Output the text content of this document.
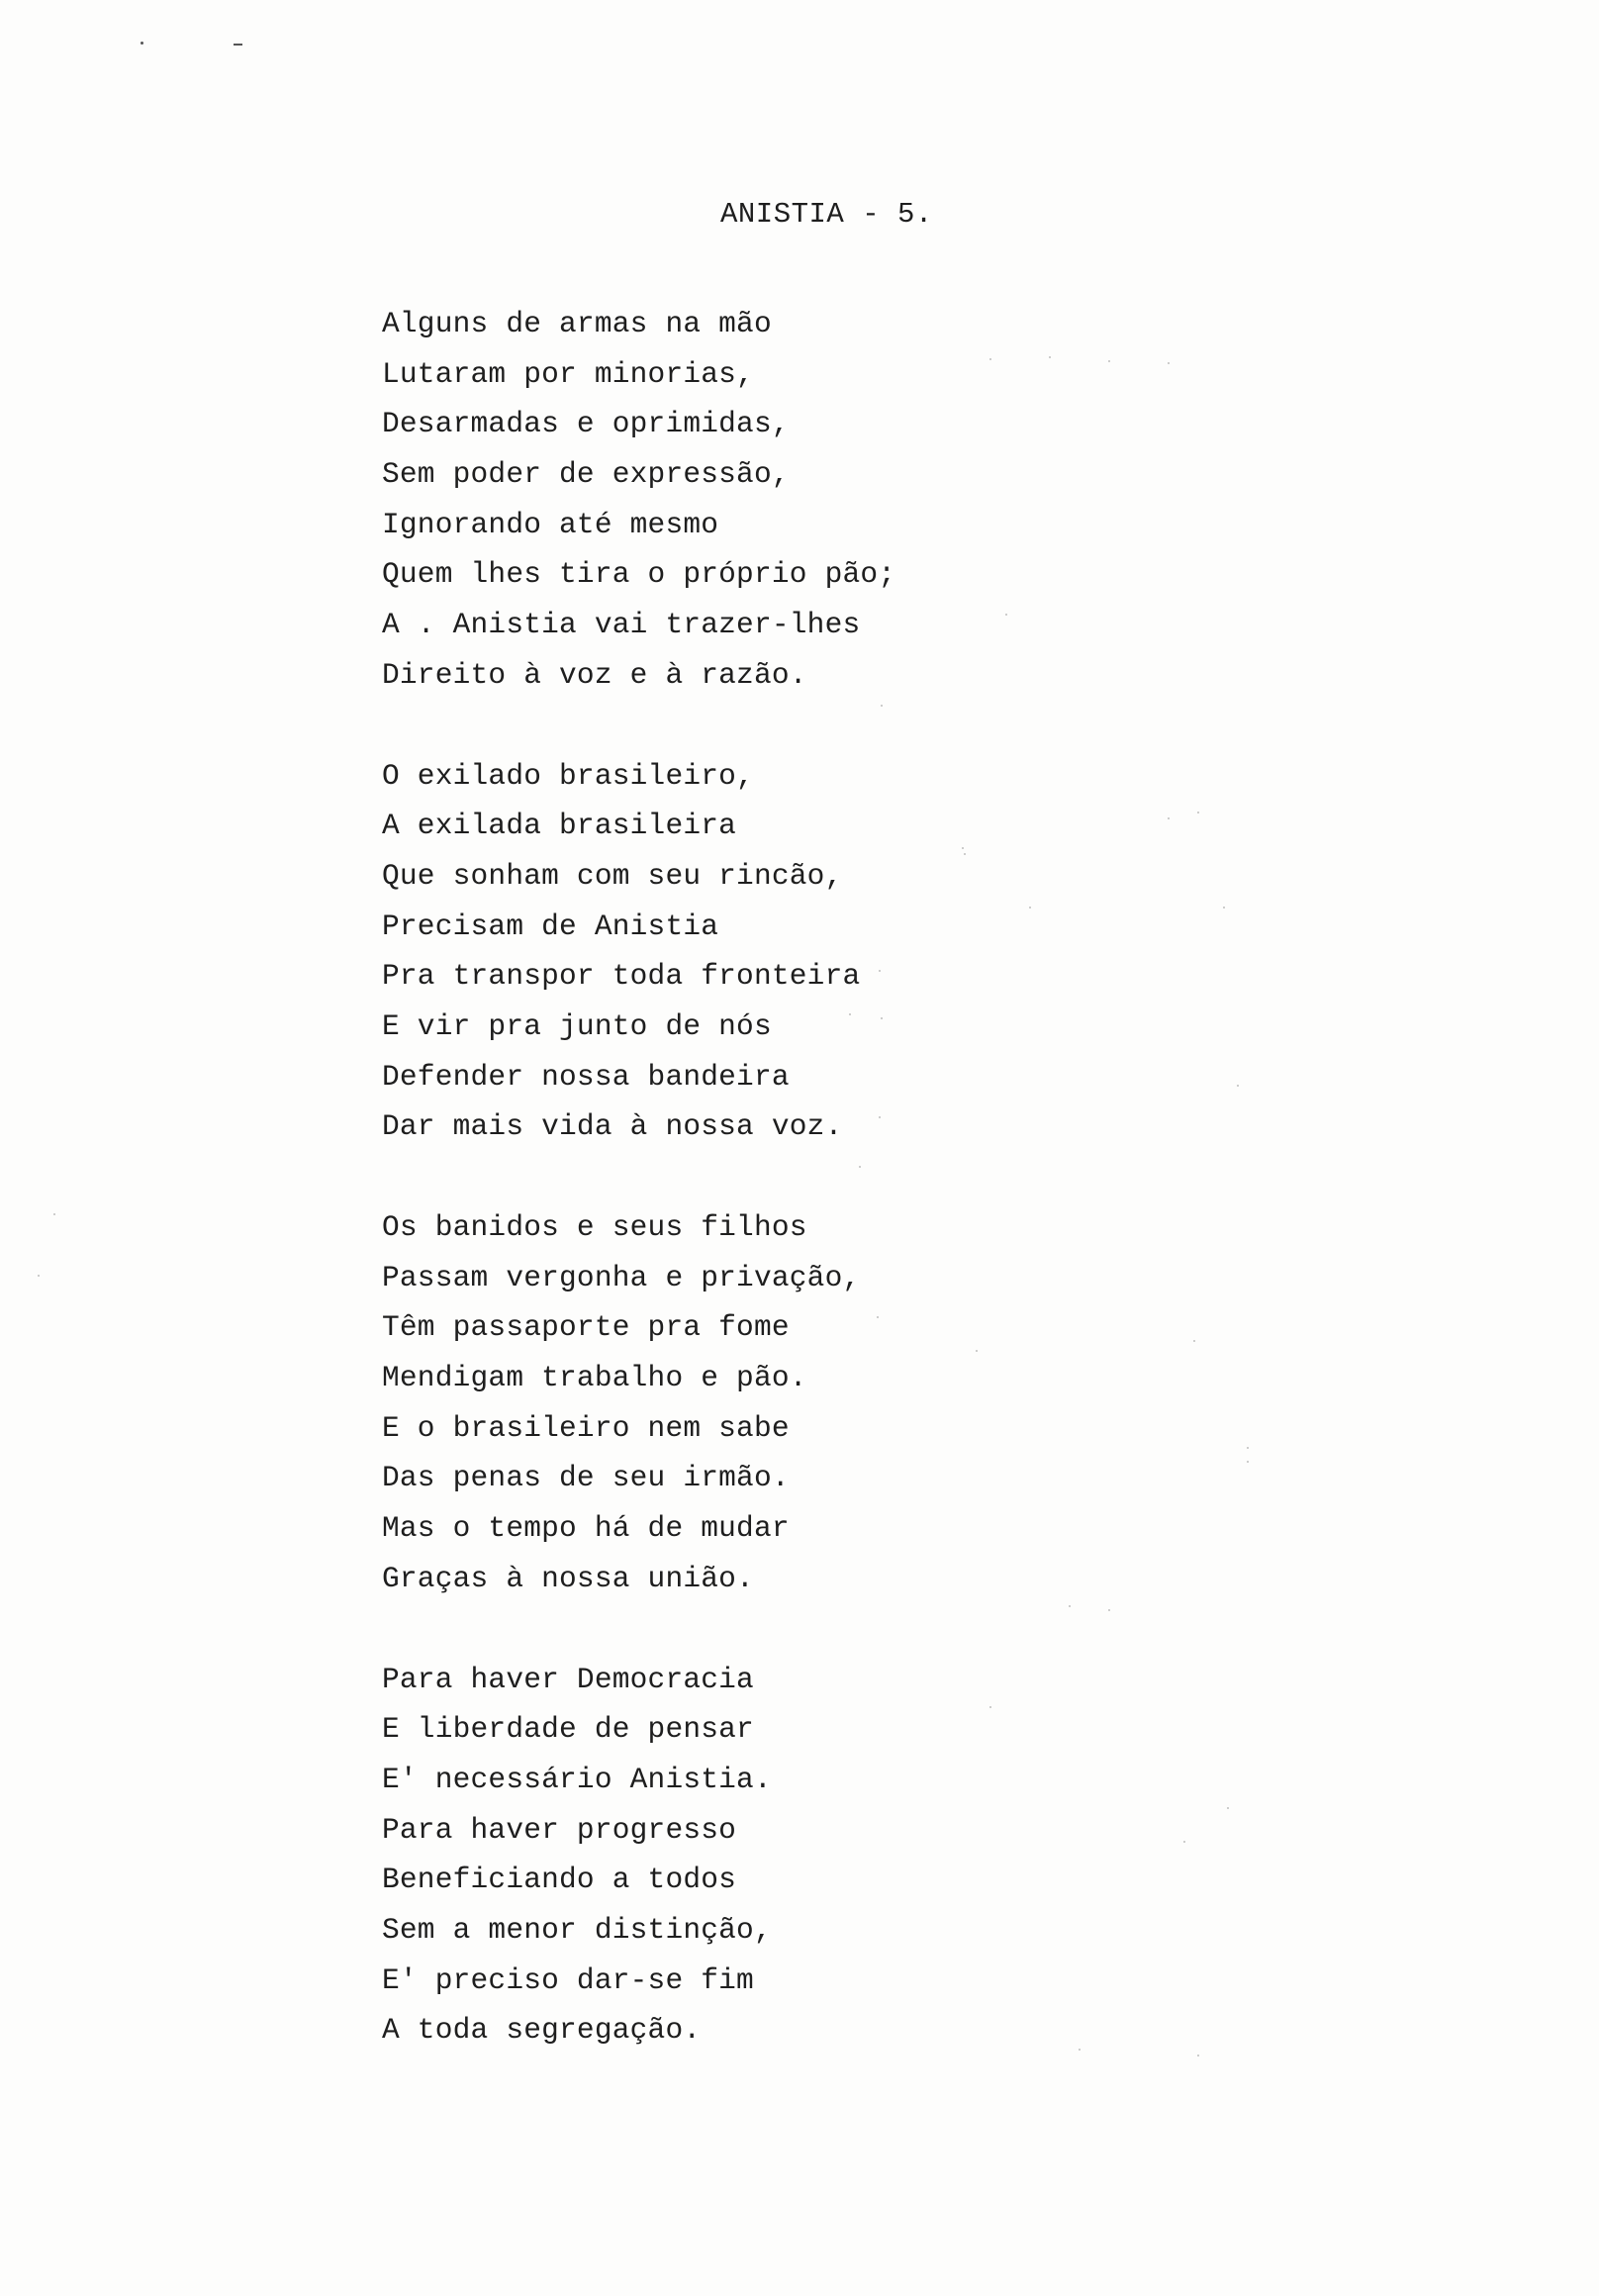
ANISTIA - 5.
Alguns de armas na mão
Lutaram por minorias,
Desarmadas e oprimidas,
Sem poder de expressão,
Ignorando até mesmo
Quem lhes tira o próprio pão;
A . Anistia vai trazer-lhes
Direito à voz e à razão.
O exilado brasileiro,
A exilada brasileira
Que sonham com seu rincão,
Precisam de Anistia
Pra transpor toda fronteira
E vir pra junto de nós
Defender nossa bandeira
Dar mais vida à nossa voz.
Os banidos e seus filhos
Passam vergonha e privação,
Têm passaporte pra fome
Mendigam trabalho e pão.
E o brasileiro nem sabe
Das penas de seu irmão.
Mas o tempo há de mudar
Graças à nossa união.
Para haver Democracia
E liberdade de pensar
E' necessário Anistia.
Para haver progresso
Beneficiando a todos
Sem a menor distinção,
E' preciso dar-se fim
A toda segregação.
